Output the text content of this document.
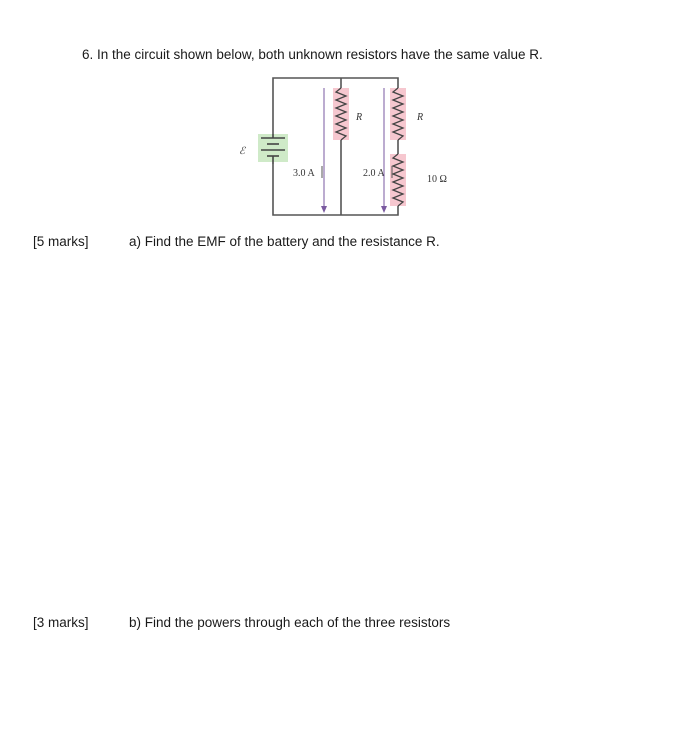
6. In the circuit shown below, both unknown resistors have the same value R.
ℰ
R	R
10 Ω
3.0 A	2.0 A
[5 marks]	a) Find the EMF of the battery and the resistance R.
[3 marks]	b) Find the powers through each of the three resistors
